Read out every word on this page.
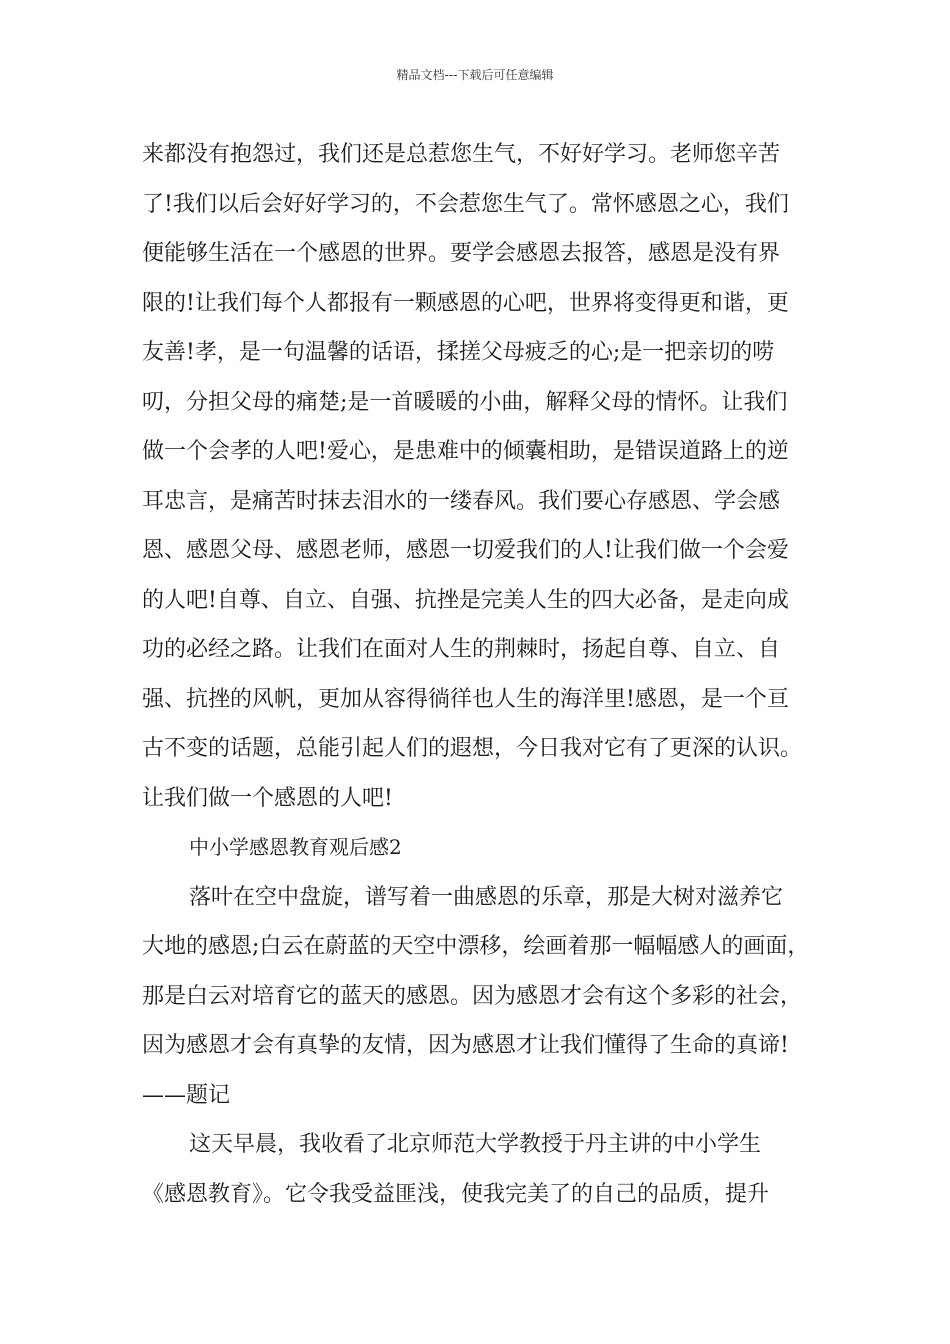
精品文档---下载后可任意编辑
来都没有抱怨过，我们还是总惹您生气，不好好学习。老师您辛苦
了!我们以后会好好学习的，不会惹您生气了。常怀感恩之心，我们
便能够生活在一个感恩的世界。要学会感恩去报答，感恩是没有界
限的!让我们每个人都报有一颗感恩的心吧，世界将变得更和谐，更
友善!孝，是一句温馨的话语，揉搓父母疲乏的心;是一把亲切的唠
叨，分担父母的痛楚;是一首暖暖的小曲，解释父母的情怀。让我们
做一个会孝的人吧!爱心，是患难中的倾囊相助，是错误道路上的逆
耳忠言，是痛苦时抹去泪水的一缕春风。我们要心存感恩、学会感
恩、感恩父母、感恩老师，感恩一切爱我们的人!让我们做一个会爱
的人吧!自尊、自立、自强、抗挫是完美人生的四大必备，是走向成
功的必经之路。让我们在面对人生的荆棘时，扬起自尊、自立、自
强、抗挫的风帆，更加从容得徜徉也人生的海洋里!感恩，是一个亘
古不变的话题，总能引起人们的遐想，今日我对它有了更深的认识。
让我们做一个感恩的人吧!
中小学感恩教育观后感2
落叶在空中盘旋，谱写着一曲感恩的乐章，那是大树对滋养它
大地的感恩;白云在蔚蓝的天空中漂移，绘画着那一幅幅感人的画面，
那是白云对培育它的蓝天的感恩。因为感恩才会有这个多彩的社会，
因为感恩才会有真挚的友情，因为感恩才让我们懂得了生命的真谛!
——题记
这天早晨，我收看了北京师范大学教授于丹主讲的中小学生
《感恩教育》。它令我受益匪浅，使我完美了的自己的品质，提升
